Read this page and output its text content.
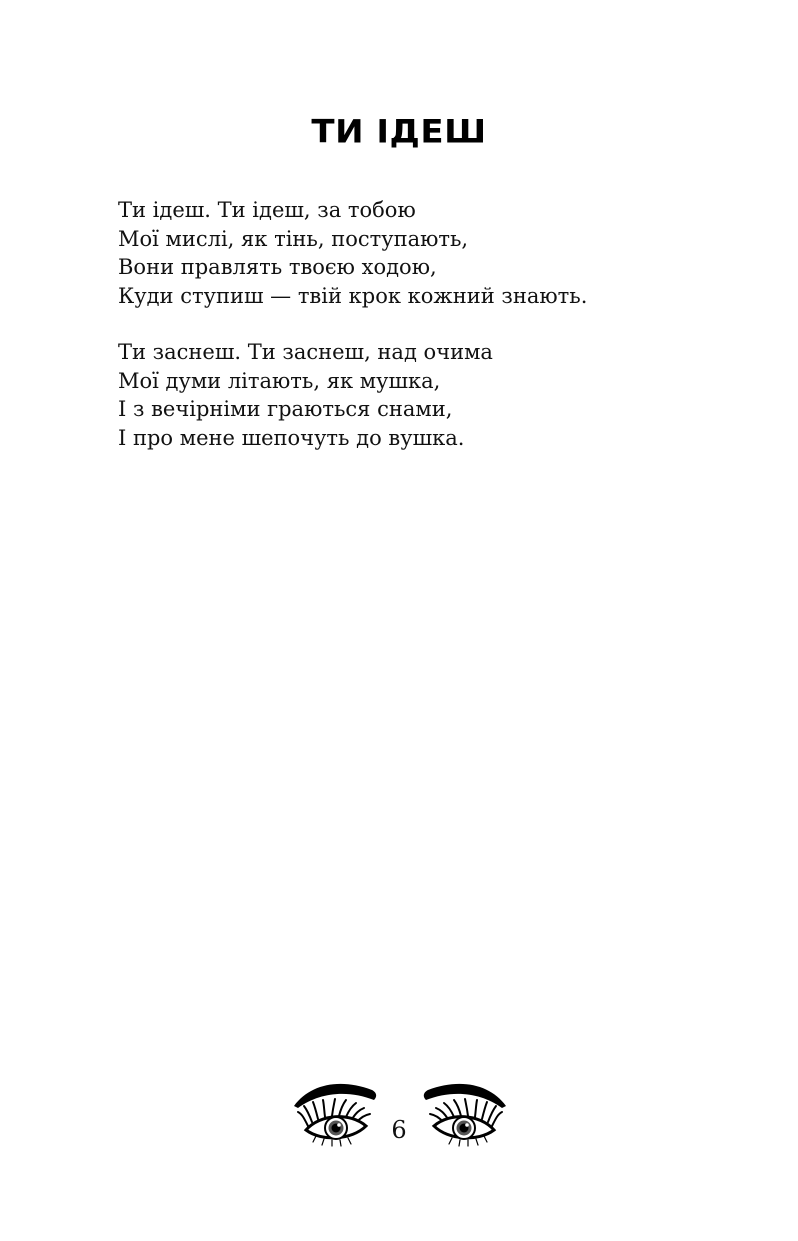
ТИ ІДЕШ
Ти ідеш. Ти ідеш, за тобою
Мої мислі, як тінь, поступають,
Вони правлять твоєю ходою,
Куди ступиш — твій крок кожний знають.
Ти заснеш. Ти заснеш, над очима
Мої думи літають, як мушка,
І з вечірніми граються снами,
І про мене шепочуть до вушка.
6
